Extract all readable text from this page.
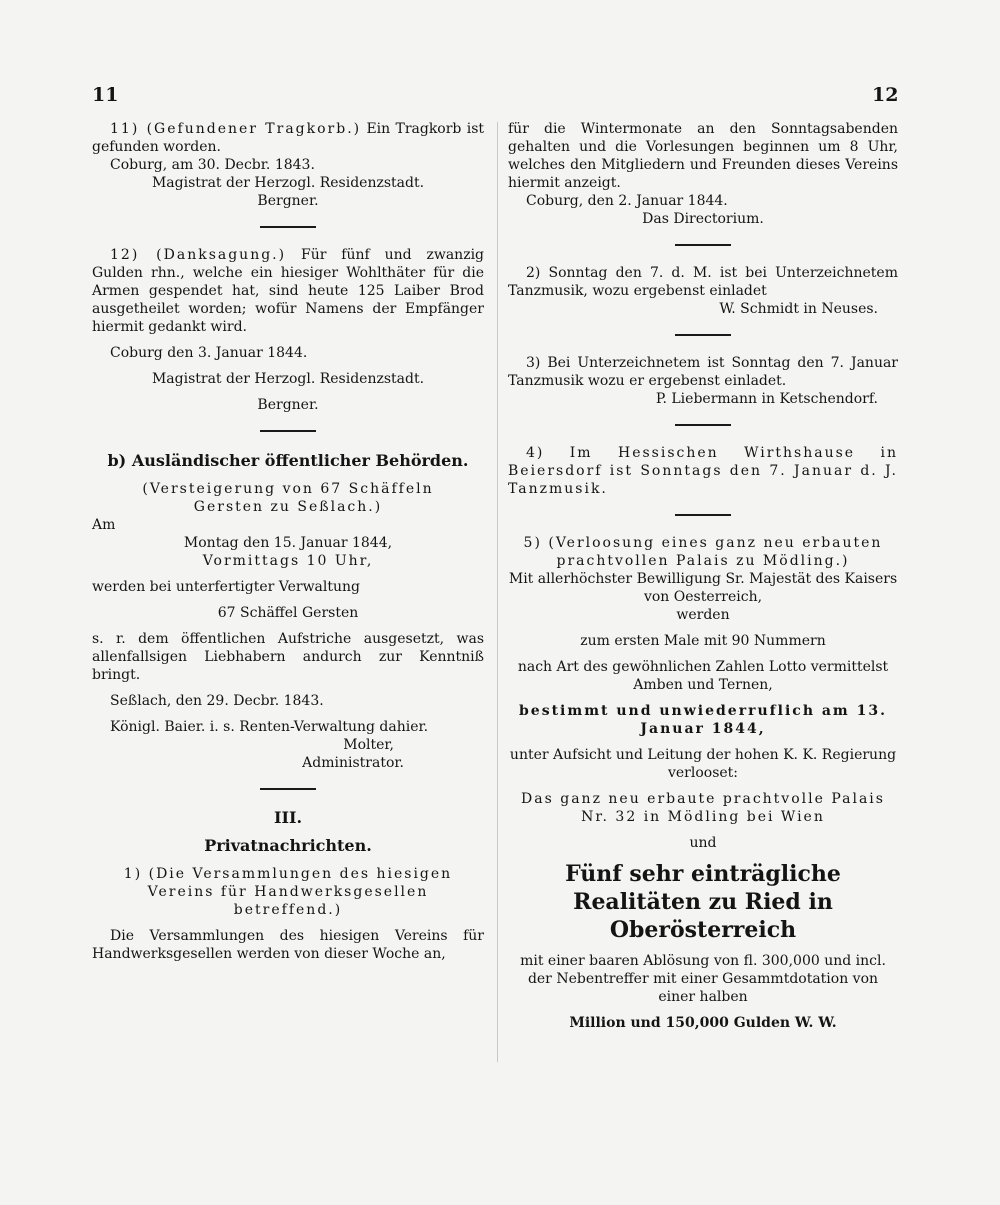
11	12

11) (Gefundener Tragkorb.) Ein Tragkorb ist gefunden worden.

Coburg, am 30. Decbr. 1843.

Magistrat der Herzogl. Residenzstadt.

Bergner.

12) (Danksagung.) Für fünf und zwanzig Gulden rhn., welche ein hiesiger Wohlthäter für die Armen gespendet hat, sind heute 125 Laiber Brod ausgetheilet worden; wofür Namens der Empfänger hiermit gedankt wird.

Coburg den 3. Januar 1844.

Magistrat der Herzogl. Residenzstadt.

Bergner.

b) Ausländischer öffentlicher Behörden.

(Versteigerung von 67 Schäffeln

Gersten zu Seßlach.)

Am

Montag den 15. Januar 1844,

Vormittags 10 Uhr,

werden bei unterfertigter Verwaltung

67 Schäffel Gersten

s. r. dem öffentlichen Aufstriche ausgesetzt, was allenfallsigen Liebhabern andurch zur Kenntniß bringt.

Seßlach, den 29. Decbr. 1843.

Königl. Baier. i. s. Renten-Verwaltung dahier.

Molter,

Administrator.

III.

Privatnachrichten.

1) (Die Versammlungen des hiesigen Vereins für Handwerksgesellen betreffend.)

Die Versammlungen des hiesigen Vereins für Handwerksgesellen werden von dieser Woche an,

für die Wintermonate an den Sonntagsabenden gehalten und die Vorlesungen beginnen um 8 Uhr, welches den Mitgliedern und Freunden dieses Vereins hiermit anzeigt.

Coburg, den 2. Januar 1844.

Das Directorium.

2) Sonntag den 7. d. M. ist bei Unterzeichnetem Tanzmusik, wozu ergebenst einladet

W. Schmidt in Neuses.

3) Bei Unterzeichnetem ist Sonntag den 7. Januar Tanzmusik wozu er ergebenst einladet.

P. Liebermann in Ketschendorf.

4) Im Hessischen Wirthshause in Beiersdorf ist Sonntags den 7. Januar d. J. Tanzmusik.

5) (Verloosung eines ganz neu erbauten prachtvollen Palais zu Mödling.)

Mit allerhöchster Bewilligung Sr. Majestät des Kaisers von Oesterreich,

werden

zum ersten Male mit 90 Nummern

nach Art des gewöhnlichen Zahlen Lotto vermittelst Amben und Ternen,

bestimmt und unwiederruflich am 13. Januar 1844,

unter Aufsicht und Leitung der hohen K. K. Regierung verlooset:

Das ganz neu erbaute prachtvolle Palais Nr. 32 in Mödling bei Wien

und

Fünf sehr einträgliche Realitäten zu Ried in Oberösterreich

mit einer baaren Ablösung von fl. 300,000 und incl. der Nebentreffer mit einer Gesammtdotation von einer halben

Million und 150,000 Gulden W. W.
